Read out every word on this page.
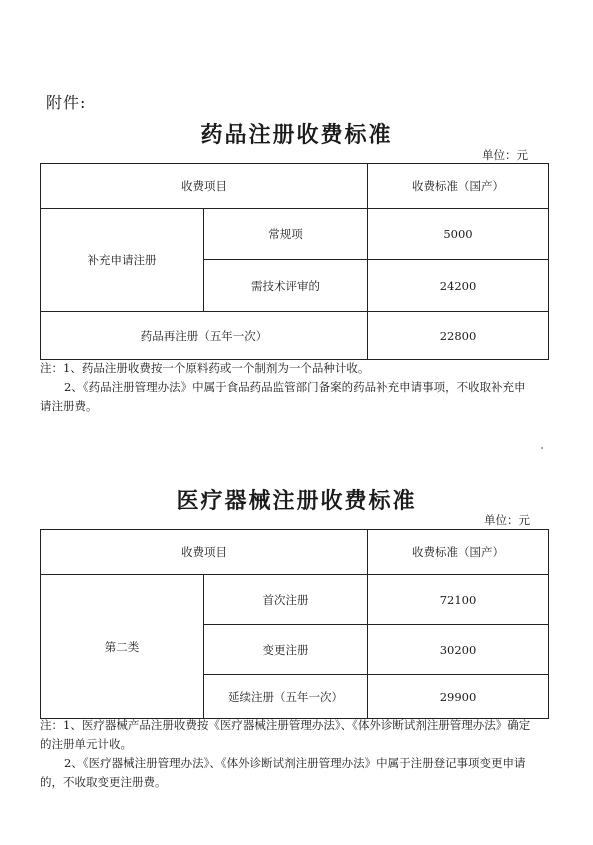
附件:
药品注册收费标准
单位：元
收费项目		收费标准（国产）
补充申请注册	常规项	5000
	需技术评审的	24200
药品再注册（五年一次）		22800

注：1、药品注册收费按一个原料药或一个制剂为一个品种计收。

2、《药品注册管理办法》中属于食品药品监管部门备案的药品补充申请事项，不收取补充申

请注册费。

医疗器械注册收费标准
单位：元
收费项目		收费标准（国产）
第二类	首次注册	72100
	变更注册	30200
	延续注册（五年一次）	29900

注：1、医疗器械产品注册收费按《医疗器械注册管理办法》、《体外诊断试剂注册管理办法》确定

的注册单元计收。

2、《医疗器械注册管理办法》、《体外诊断试剂注册管理办法》中属于注册登记事项变更申请

的，不收取变更注册费。
